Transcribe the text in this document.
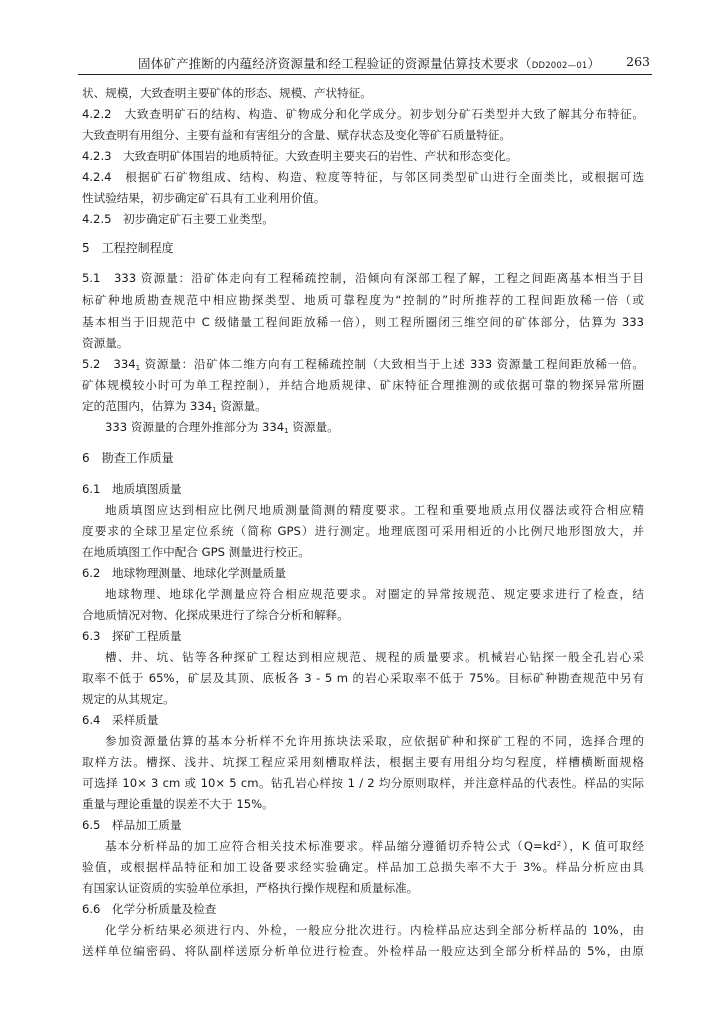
固体矿产推断的内蕴经济资源量和经工程验证的资源量估算技术要求（DD2002—01） 263
状、规模，大致查明主要矿体的形态、规模、产状特征。
4.2.2　大致查明矿石的结构、构造、矿物成分和化学成分。初步划分矿石类型并大致了解其分布特征。
大致查明有用组分、主要有益和有害组分的含量、赋存状态及变化等矿石质量特征。
4.2.3　大致查明矿体围岩的地质特征。大致查明主要夹石的岩性、产状和形态变化。
4.2.4　根据矿石矿物组成、结构、构造、粒度等特征，与邻区同类型矿山进行全面类比，或根据可选
性试验结果，初步确定矿石具有工业利用价值。
4.2.5　初步确定矿石主要工业类型。
5　工程控制程度
5.1　333 资源量：沿矿体走向有工程稀疏控制，沿倾向有深部工程了解，工程之间距离基本相当于目
标矿种地质勘查规范中相应勘探类型、地质可靠程度为“控制的”时所推荐的工程间距放稀一倍（或
基本相当于旧规范中 C 级储量工程间距放稀一倍），则工程所圈闭三维空间的矿体部分，估算为 333
资源量。
5.2　$334_1$ 资源量：沿矿体二维方向有工程稀疏控制（大致相当于上述 333 资源量工程间距放稀一倍。
矿体规模较小时可为单工程控制），并结合地质规律、矿床特征合理推测的或依据可靠的物探异常所圈
定的范围内，估算为 $334_1$ 资源量。
333 资源量的合理外推部分为 $334_1$ 资源量。
6　勘查工作质量
6.1　地质填图质量
地质填图应达到相应比例尺地质测量简测的精度要求。工程和重要地质点用仪器法或符合相应精
度要求的全球卫星定位系统（简称 GPS）进行测定。地理底图可采用相近的小比例尺地形图放大，并
在地质填图工作中配合 GPS 测量进行校正。
6.2　地球物理测量、地球化学测量质量
地球物理、地球化学测量应符合相应规范要求。对圈定的异常按规范、规定要求进行了检查，结
合地质情况对物、化探成果进行了综合分析和解释。
6.3　探矿工程质量
槽、井、坑、钻等各种探矿工程达到相应规范、规程的质量要求。机械岩心钻探一般全孔岩心采
取率不低于 65%，矿层及其顶、底板各 3 - 5 m 的岩心采取率不低于 75%。目标矿种勘查规范中另有
规定的从其规定。
6.4　采样质量
参加资源量估算的基本分析样不允许用拣块法采取，应依据矿种和探矿工程的不同，选择合理的
取样方法。槽探、浅井、坑探工程应采用刻槽取样法，根据主要有用组分均匀程度，样槽横断面规格
可选择 10× 3 cm 或 10× 5 cm。钻孔岩心样按 1 / 2 均分原则取样，并注意样品的代表性。样品的实际
重量与理论重量的误差不大于 15%。
6.5　样品加工质量
基本分析样品的加工应符合相关技术标准要求。样品缩分遵循切乔特公式$(Q=kd^2)$，K 值可取经
验值，或根据样品特征和加工设备要求经实验确定。样品加工总损失率不大于 3%。样品分析应由具
有国家认证资质的实验单位承担，严格执行操作规程和质量标准。
6.6　化学分析质量及检查
化学分析结果必须进行内、外检，一般应分批次进行。内检样品应达到全部分析样品的 10%，由
送样单位编密码、将队副样送原分析单位进行检查。外检样品一般应达到全部分析样品的 5%，由原
